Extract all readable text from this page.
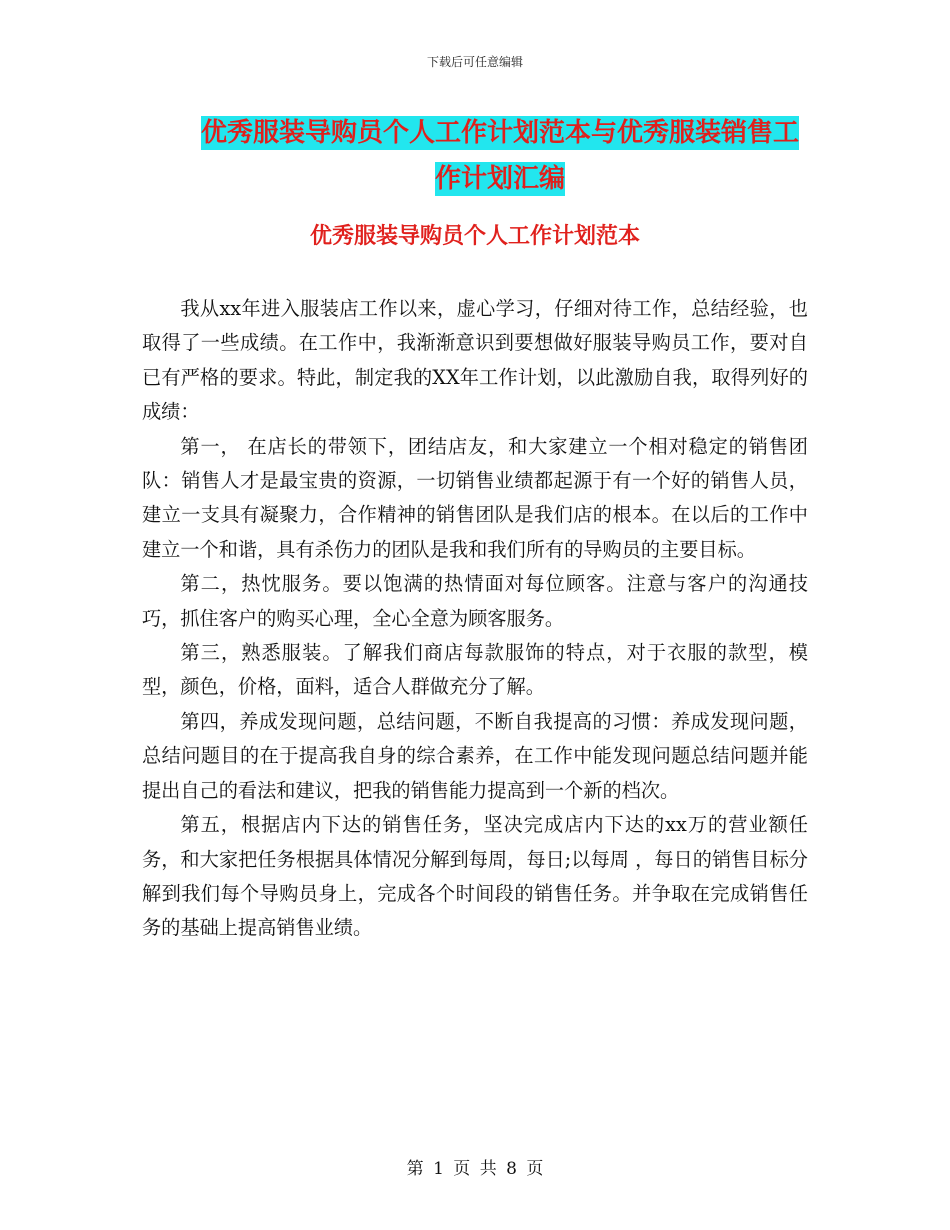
下载后可任意编辑
优秀服装导购员个人工作计划范本与优秀服装销售工
作计划汇编
优秀服装导购员个人工作计划范本

我从xx年进入服装店工作以来，虚心学习，仔细对待工作，总结经验，也取得了一些成绩。在工作中，我渐渐意识到要想做好服装导购员工作，要对自已有严格的要求。特此，制定我的XX年工作计划，以此激励自我，取得列好的成绩：

第一， 在店长的带领下，团结店友，和大家建立一个相对稳定的销售团队：销售人才是最宝贵的资源，一切销售业绩都起源于有一个好的销售人员，建立一支具有凝聚力，合作精神的销售团队是我们店的根本。在以后的工作中建立一个和谐，具有杀伤力的团队是我和我们所有的导购员的主要目标。

第二，热忱服务。要以饱满的热情面对每位顾客。注意与客户的沟通技巧，抓住客户的购买心理，全心全意为顾客服务。

第三，熟悉服装。了解我们商店每款服饰的特点，对于衣服的款型，模型，颜色，价格，面料，适合人群做充分了解。

第四，养成发现问题，总结问题，不断自我提高的习惯：养成发现问题，总结问题目的在于提高我自身的综合素养，在工作中能发现问题总结问题并能提出自己的看法和建议，把我的销售能力提高到一个新的档次。

第五，根据店内下达的销售任务，坚决完成店内下达的xx万的营业额任务，和大家把任务根据具体情况分解到每周，每日;以每周 ，每日的销售目标分解到我们每个导购员身上，完成各个时间段的销售任务。并争取在完成销售任务的基础上提高销售业绩。

第 1 页 共 8 页
